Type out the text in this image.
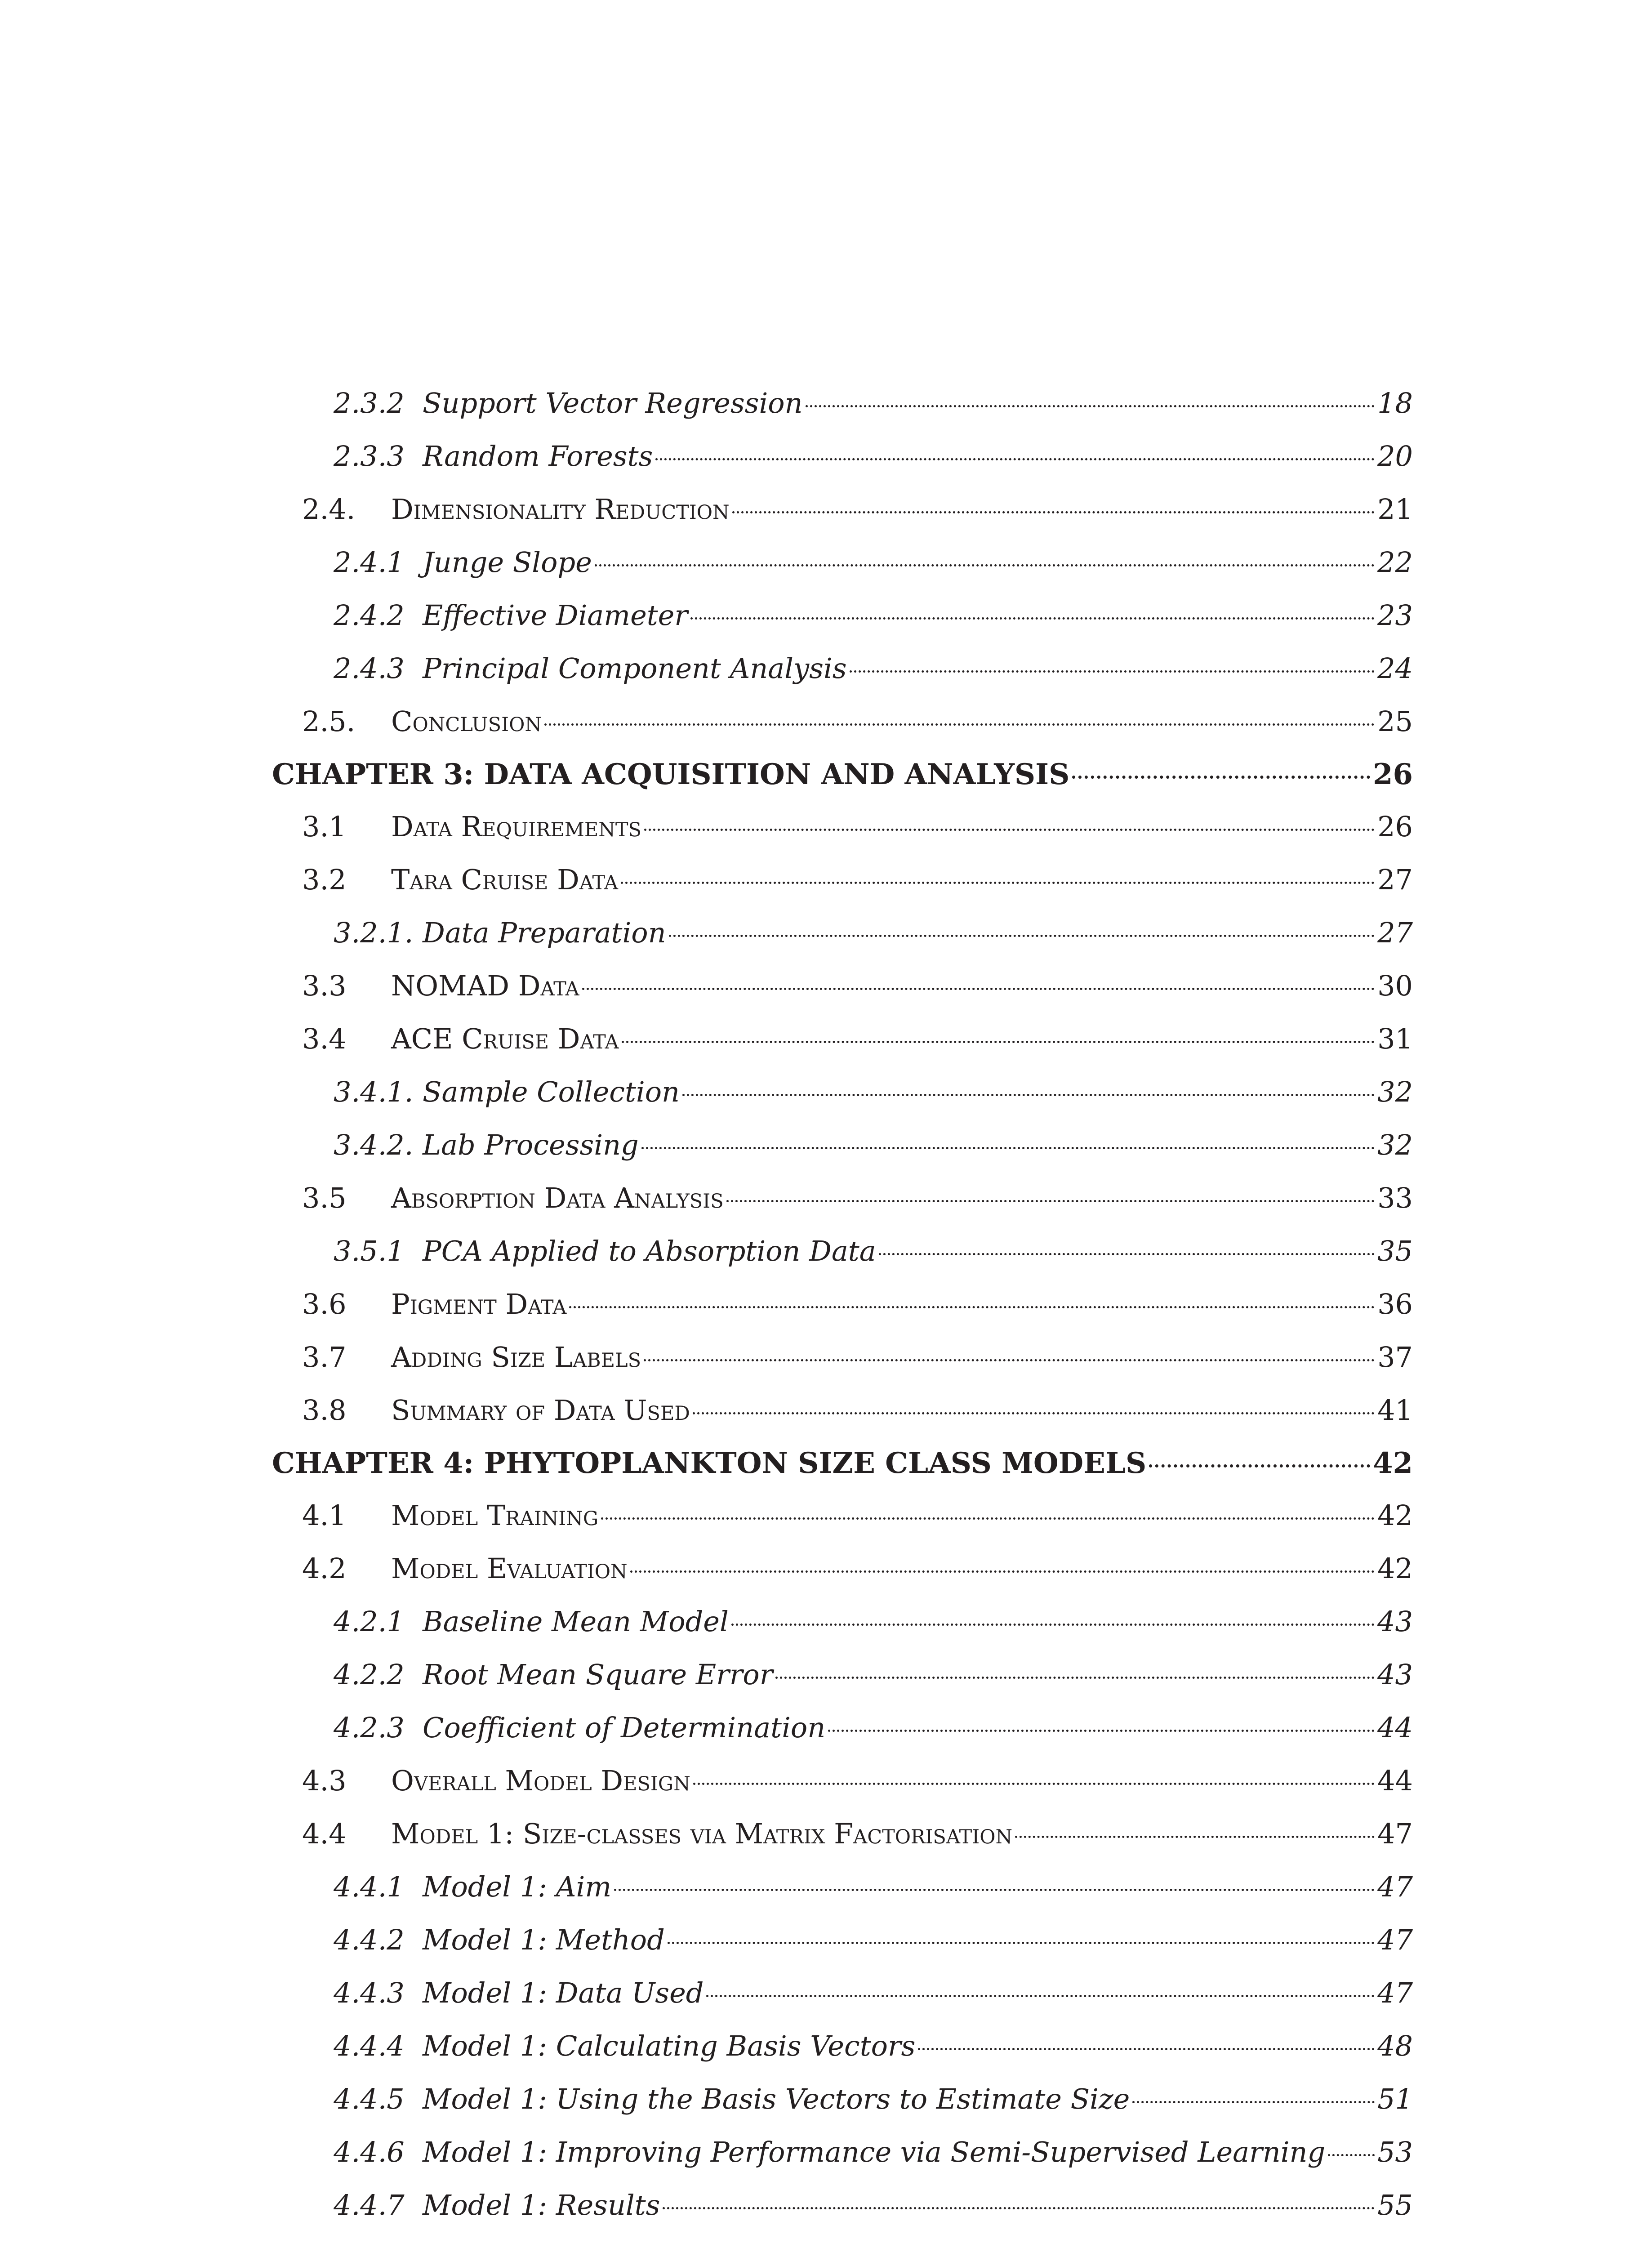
2.3.2 Support Vector Regression	18
2.3.3 Random Forests	20
2.4.	Dimensionality Reduction	21
2.4.1 Junge Slope	22
2.4.2 Effective Diameter	23
2.4.3 Principal Component Analysis	24
2.5.	Conclusion	25
CHAPTER 3: DATA ACQUISITION AND ANALYSIS	26
3.1	Data Requirements	26
3.2	Tara Cruise Data	27
3.2.1. Data Preparation	27
3.3	NOMAD Data	30
3.4	ACE Cruise Data	31
3.4.1. Sample Collection	32
3.4.2. Lab Processing	32
3.5	Absorption Data Analysis	33
3.5.1 PCA Applied to Absorption Data	35
3.6	Pigment Data	36
3.7	Adding Size Labels	37
3.8	Summary of Data Used	41
CHAPTER 4: PHYTOPLANKTON SIZE CLASS MODELS	42
4.1	Model Training	42
4.2	Model Evaluation	42
4.2.1 Baseline Mean Model	43
4.2.2 Root Mean Square Error	43
4.2.3 Coefficient of Determination	44
4.3	Overall Model Design	44
4.4	Model 1: Size-classes via Matrix Factorisation	47
4.4.1 Model 1: Aim	47
4.4.2 Model 1: Method	47
4.4.3 Model 1: Data Used	47
4.4.4 Model 1: Calculating Basis Vectors	48
4.4.5 Model 1: Using the Basis Vectors to Estimate Size	51
4.4.6 Model 1: Improving Performance via Semi-Supervised Learning 53
4.4.7 Model 1: Results	55
